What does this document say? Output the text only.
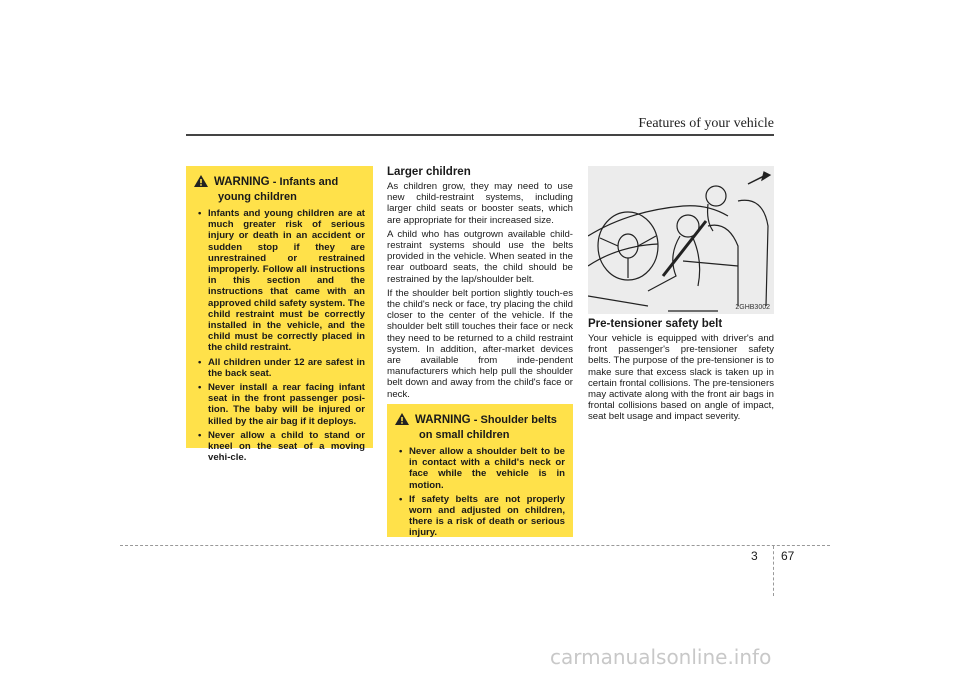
Features of your vehicle

WARNING - Infants and
young children

• Infants and young children are at much greater risk of serious injury or death in an accident or sudden stop if they are unrestrained or restrained improperly. Follow all instructions in this section and the instructions that came with an approved child safety system. The child restraint must be correctly installed in the vehicle, and the child must be correctly placed in the child restraint.
• All children under 12 are safest in the back seat.
• Never install a rear facing infant seat in the front passenger posi-tion. The baby will be injured or killed by the air bag if it deploys.
• Never allow a child to stand or kneel on the seat of a moving vehi-cle.

Larger children

As children grow, they may need to use new child-restraint systems, including larger child seats or booster seats, which are appropriate for their increased size.

A child who has outgrown available child-restraint systems should use the belts provided in the vehicle. When seated in the rear outboard seats, the child should be restrained by the lap/shoulder belt.

If the shoulder belt portion slightly touch-es the child's neck or face, try placing the child closer to the center of the vehicle. If the shoulder belt still touches their face or neck they need to be returned to a child restraint system. In addition, after-market devices are available from inde-pendent manufacturers which help pull the shoulder belt down and away from the child's face or neck.

WARNING - Shoulder belts
on small children

• Never allow a shoulder belt to be in contact with a child's neck or face while the vehicle is in motion.
• If safety belts are not properly worn and adjusted on children, there is a risk of death or serious injury.
2GHB3002

Pre-tensioner safety belt

Your vehicle is equipped with driver's and front passenger's pre-tensioner safety belts. The purpose of the pre-tensioner is to make sure that excess slack is taken up in certain frontal collisions. The pre-tensioners may activate along with the front air bags in frontal collisions based on angle of impact, seat belt usage and impact severity.

3 67
carmanualsonline.info
